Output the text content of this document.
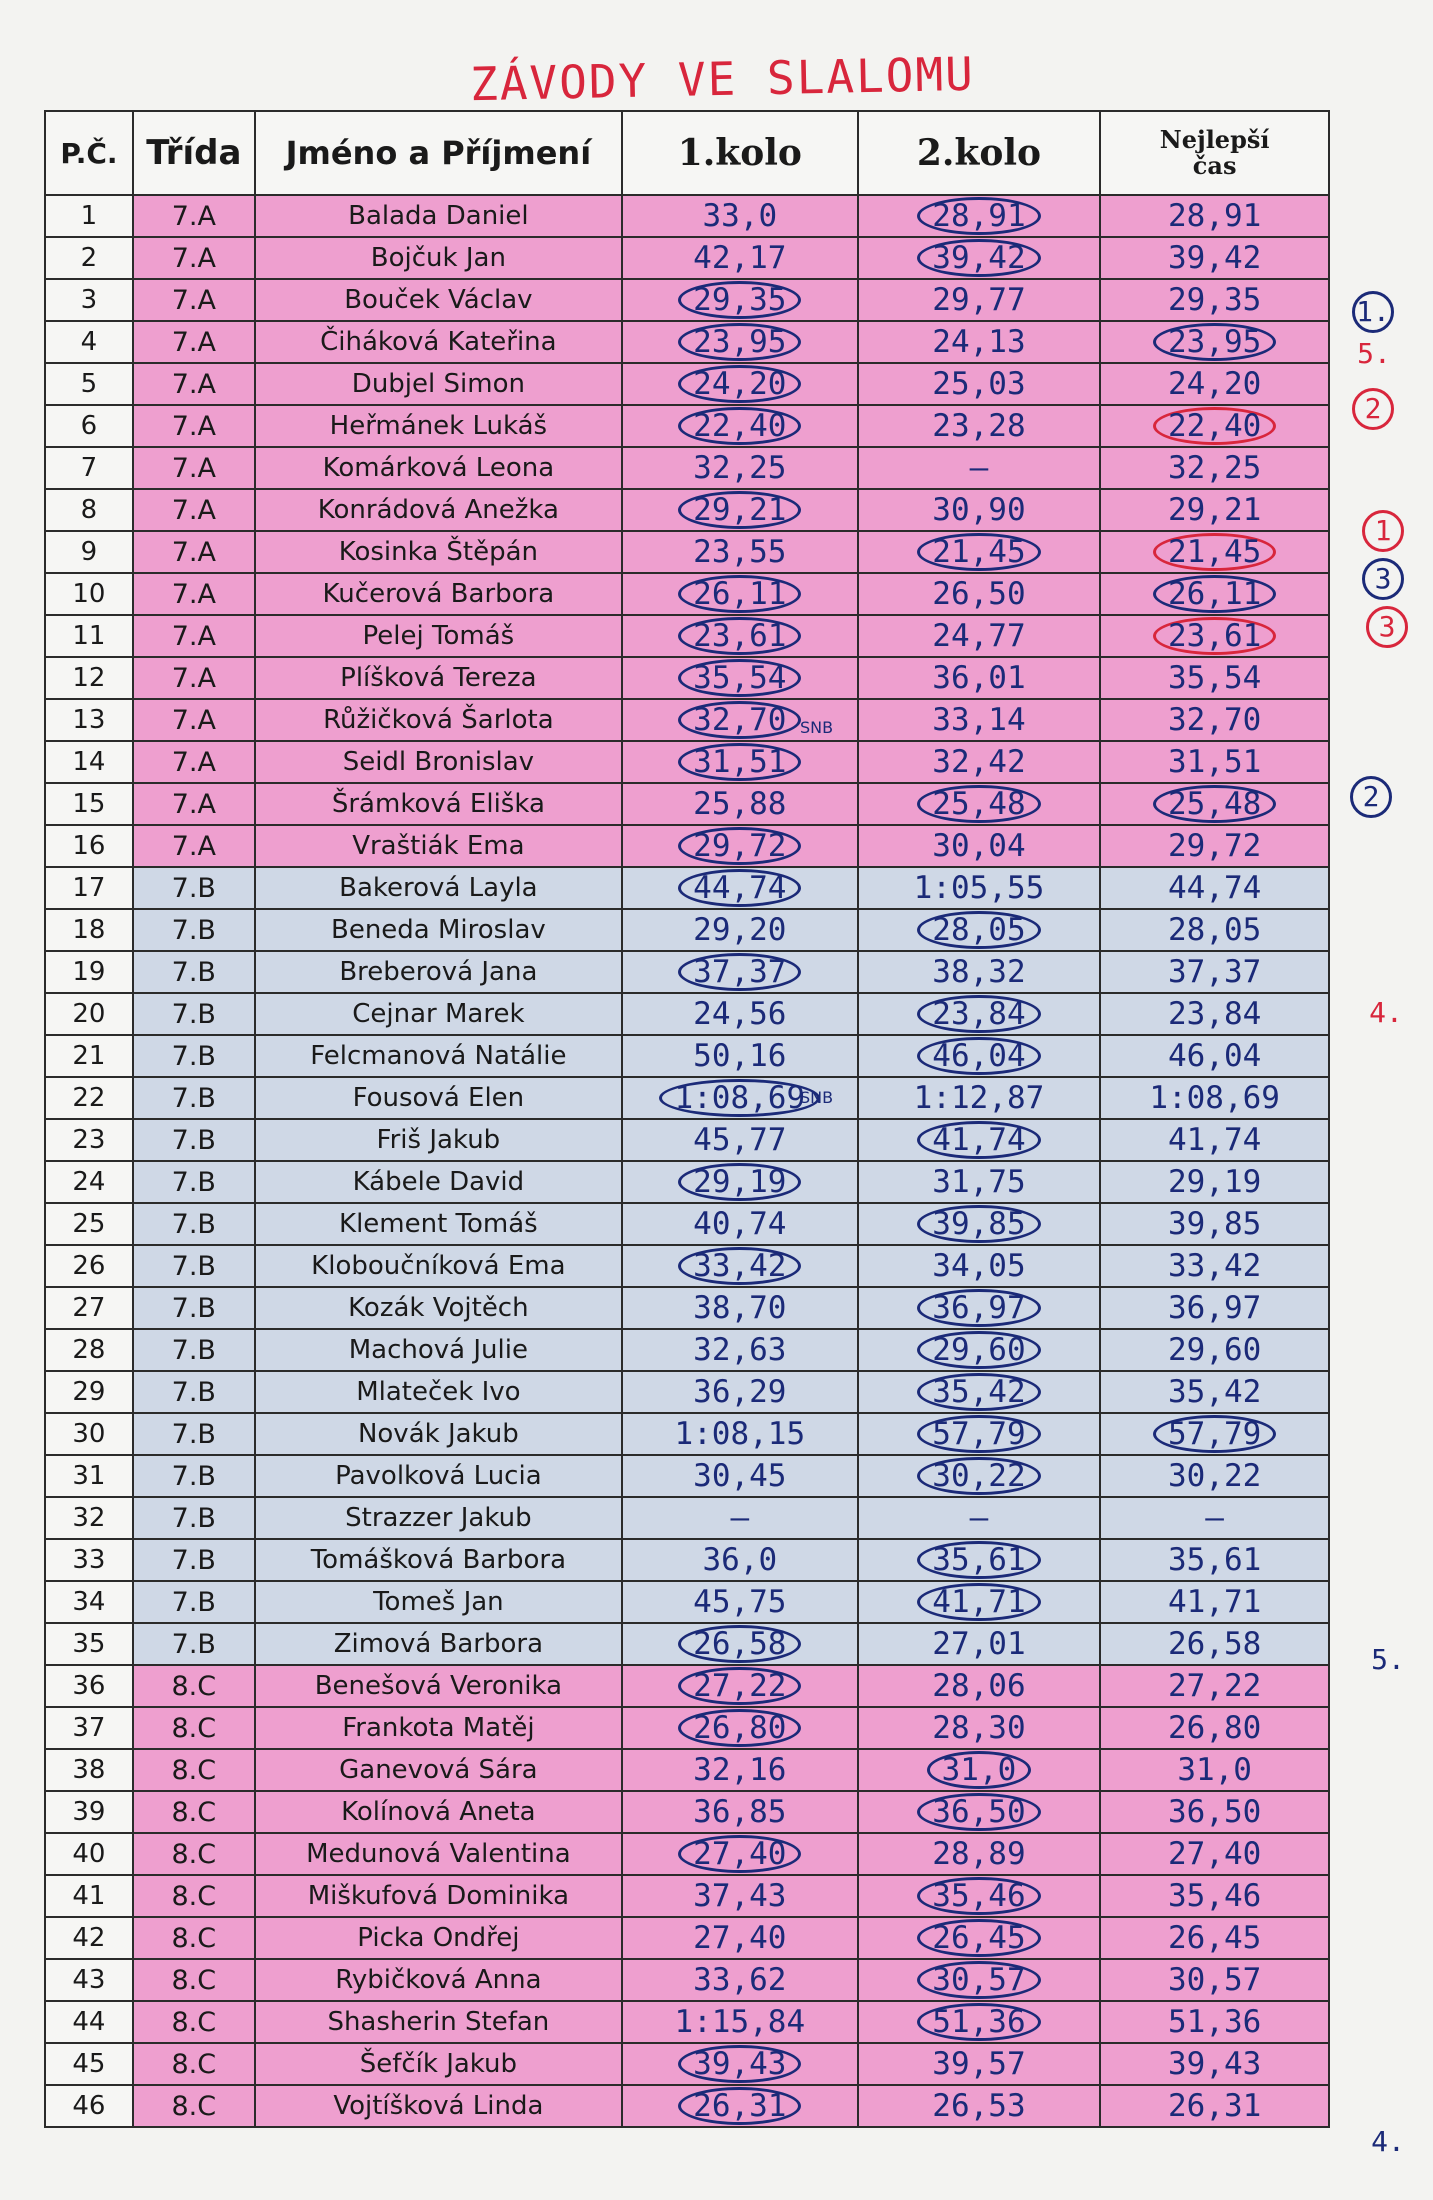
ZÁVODY VE SLALOMU
P.Č.	Třída	Jméno a Příjmení	1.kolo	2.kolo	Nejlepší
čas

1	7.A	Balada Daniel	33,0	28,91	28,91
2	7.A	Bojčuk Jan	42,17	39,42	39,42
3	7.A	Bouček Václav	29,35	29,77	29,35
4	7.A	Čiháková Kateřina	23,95	24,13	23,95
5	7.A	Dubjel Simon	24,20	25,03	24,20
6	7.A	Heřmánek Lukáš	22,40	23,28	22,40
7	7.A	Komárková Leona	32,25	–	32,25
8	7.A	Konrádová Anežka	29,21	30,90	29,21
9	7.A	Kosinka Štěpán	23,55	21,45	21,45
10	7.A	Kučerová Barbora	26,11	26,50	26,11
11	7.A	Pelej Tomáš	23,61	24,77	23,61
12	7.A	Plíšková Tereza	35,54	36,01	35,54
13	7.A	Růžičková Šarlota	32,70	33,14	32,70
14	7.A	Seidl Bronislav	31,51	32,42	31,51
15	7.A	Šrámková Eliška	25,88	25,48	25,48
16	7.A	Vraštiák Ema	29,72	30,04	29,72
17	7.B	Bakerová Layla	44,74	1:05,55	44,74
18	7.B	Beneda Miroslav	29,20	28,05	28,05
19	7.B	Breberová Jana	37,37	38,32	37,37
20	7.B	Cejnar Marek	24,56	23,84	23,84
21	7.B	Felcmanová Natálie	50,16	46,04	46,04
22	7.B	Fousová Elen	1:08,69	1:12,87	1:08,69
23	7.B	Friš Jakub	45,77	41,74	41,74
24	7.B	Kábele David	29,19	31,75	29,19
25	7.B	Klement Tomáš	40,74	39,85	39,85
26	7.B	Kloboučníková Ema	33,42	34,05	33,42
27	7.B	Kozák Vojtěch	38,70	36,97	36,97
28	7.B	Machová Julie	32,63	29,60	29,60
29	7.B	Mlateček Ivo	36,29	35,42	35,42
30	7.B	Novák Jakub	1:08,15	57,79	57,79
31	7.B	Pavolková Lucia	30,45	30,22	30,22
32	7.B	Strazzer Jakub	—	—	—
33	7.B	Tomášková Barbora	36,0	35,61	35,61
34	7.B	Tomeš Jan	45,75	41,71	41,71
35	7.B	Zimová Barbora	26,58	27,01	26,58
36	8.C	Benešová Veronika	27,22	28,06	27,22
37	8.C	Frankota Matěj	26,80	28,30	26,80
38	8.C	Ganevová Sára	32,16	31,0	31,0
39	8.C	Kolínová Aneta	36,85	36,50	36,50
40	8.C	Medunová Valentina	27,40	28,89	27,40
41	8.C	Miškufová Dominika	37,43	35,46	35,46
42	8.C	Picka Ondřej	27,40	26,45	26,45
43	8.C	Rybičková Anna	33,62	30,57	30,57
44	8.C	Shasherin Stefan	1:15,84	51,36	51,36
45	8.C	Šefčík Jakub	39,43	39,57	39,43
46	8.C	Vojtíšková Linda	26,31	26,53	26,31
SNB
SNB
1.
5.
2
1
3
3
2
4.
5.
4.
